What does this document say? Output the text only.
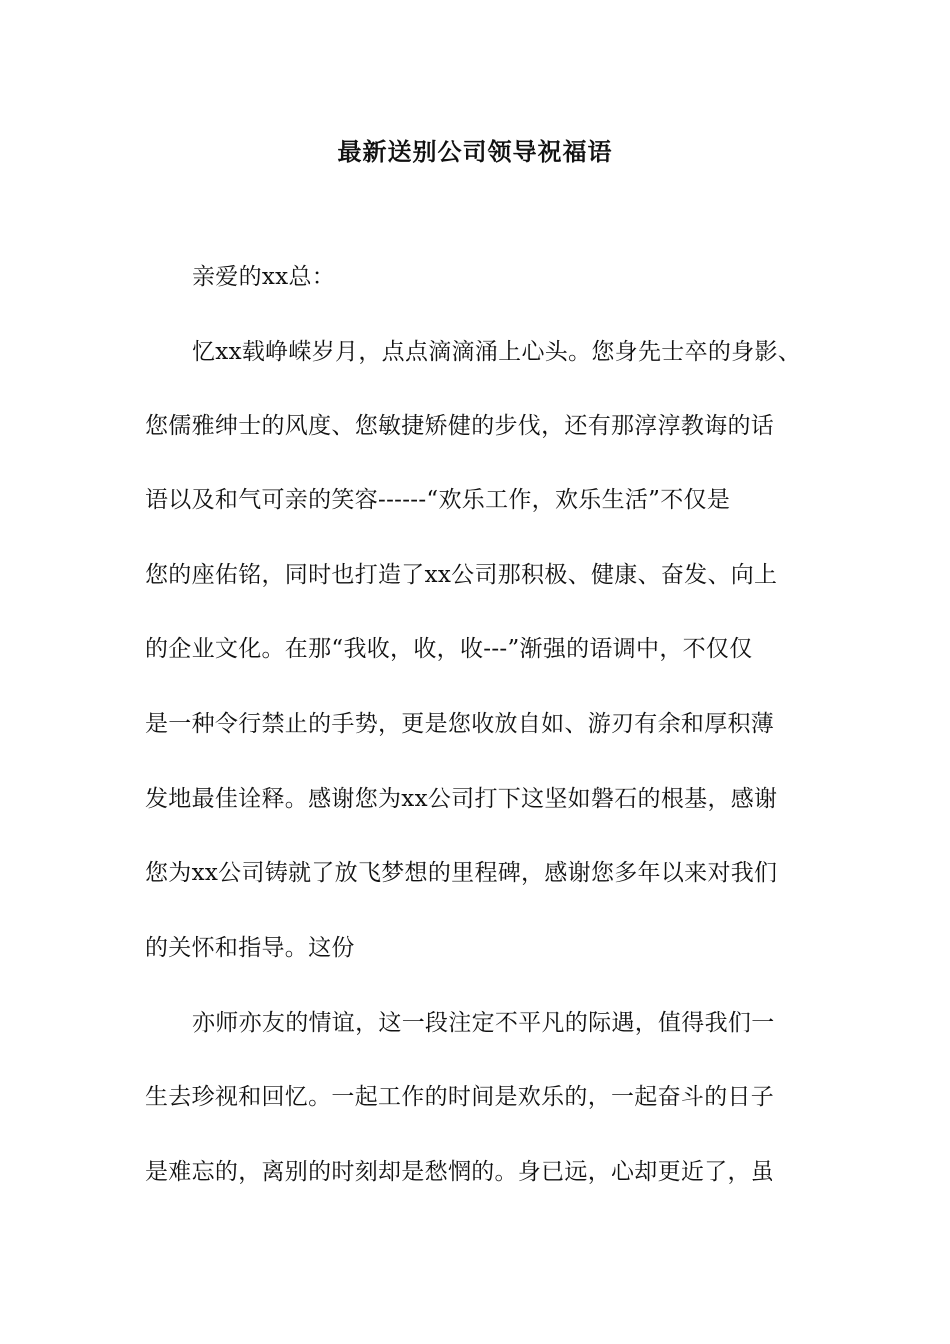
最新送别公司领导祝福语
亲爱的xx总：
忆xx载峥嵘岁月，点点滴滴涌上心头。您身先士卒的身影、
您儒雅绅士的风度、您敏捷矫健的步伐，还有那淳淳教诲的话
语以及和气可亲的笑容------“欢乐工作，欢乐生活”不仅是
您的座佑铭，同时也打造了xx公司那积极、健康、奋发、向上
的企业文化。在那“我收，收，收---”渐强的语调中，不仅仅
是一种令行禁止的手势，更是您收放自如、游刃有余和厚积薄
发地最佳诠释。感谢您为xx公司打下这坚如磐石的根基，感谢
您为xx公司铸就了放飞梦想的里程碑，感谢您多年以来对我们
的关怀和指导。这份
亦师亦友的情谊，这一段注定不平凡的际遇，值得我们一
生去珍视和回忆。一起工作的时间是欢乐的，一起奋斗的日子
是难忘的，离别的时刻却是愁惘的。身已远，心却更近了，虽
